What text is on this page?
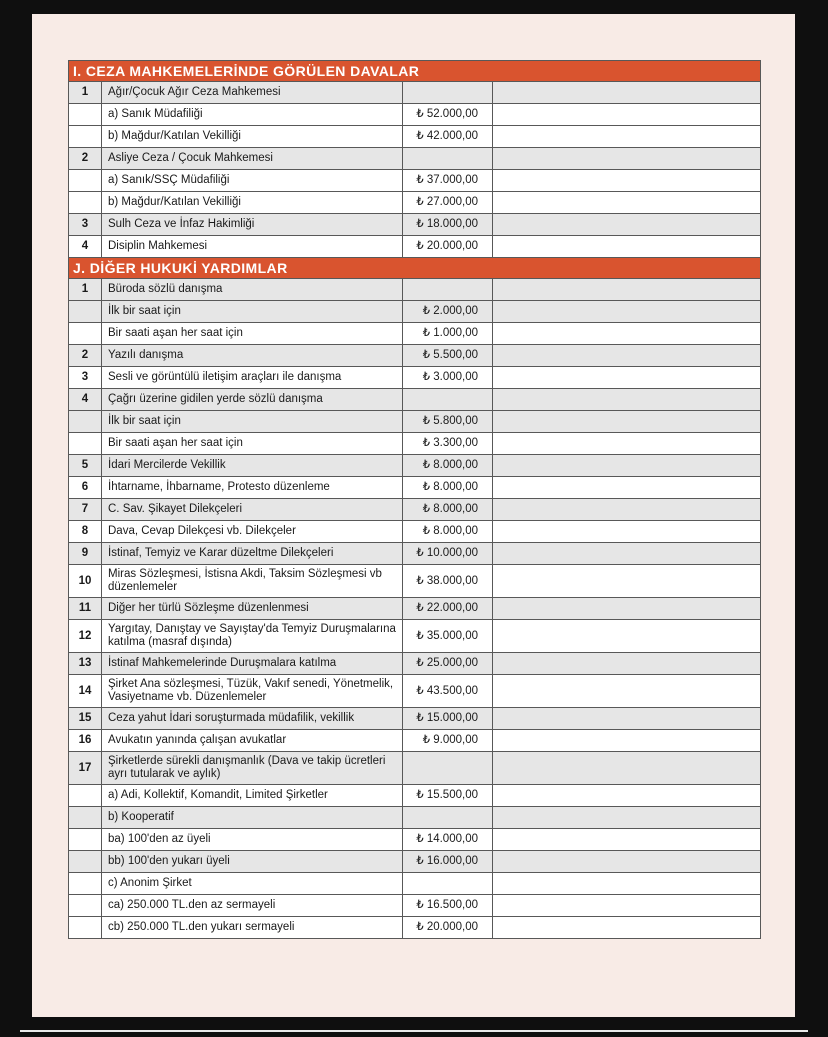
I. CEZA MAHKEMELERİNDE GÖRÜLEN DAVALAR			
1	Ağır/Çocuk Ağır Ceza Mahkemesi		
	a) Sanık Müdafiliği	₺ 52.000,00	
	b) Mağdur/Katılan Vekilliği	₺ 42.000,00	
2	Asliye Ceza / Çocuk Mahkemesi		
	a) Sanık/SSÇ Müdafiliği	₺ 37.000,00	
	b) Mağdur/Katılan Vekilliği	₺ 27.000,00	
3	Sulh Ceza ve İnfaz Hakimliği	₺ 18.000,00	
4	Disiplin Mahkemesi	₺ 20.000,00	
J. DİĞER HUKUKİ YARDIMLAR			
1	Büroda sözlü danışma		
	İlk bir saat için	₺ 2.000,00	
	Bir saati aşan her saat için	₺ 1.000,00	
2	Yazılı danışma	₺ 5.500,00	
3	Sesli ve görüntülü iletişim araçları ile danışma	₺ 3.000,00	
4	Çağrı üzerine gidilen yerde sözlü danışma		
	İlk bir saat için	₺ 5.800,00	
	Bir saati aşan her saat için	₺ 3.300,00	
5	İdari Mercilerde Vekillik	₺ 8.000,00	
6	İhtarname, İhbarname, Protesto düzenleme	₺ 8.000,00	
7	C. Sav. Şikayet Dilekçeleri	₺ 8.000,00	
8	Dava, Cevap Dilekçesi vb. Dilekçeler	₺ 8.000,00	
9	İstinaf, Temyiz ve Karar düzeltme Dilekçeleri	₺ 10.000,00	
10	Miras Sözleşmesi, İstisna Akdi, Taksim Sözleşmesi vb düzenlemeler	₺ 38.000,00	
11	Diğer her türlü Sözleşme düzenlenmesi	₺ 22.000,00	
12	Yargıtay, Danıştay ve Sayıştay'da Temyiz Duruşmalarına katılma (masraf dışında)	₺ 35.000,00	
13	İstinaf Mahkemelerinde Duruşmalara katılma	₺ 25.000,00	
14	Şirket Ana sözleşmesi, Tüzük, Vakıf senedi, Yönetmelik, Vasiyetname vb. Düzenlemeler	₺ 43.500,00	
15	Ceza yahut İdari soruşturmada müdafilik, vekillik	₺ 15.000,00	
16	Avukatın yanında çalışan avukatlar	₺ 9.000,00	
17	Şirketlerde sürekli danışmanlık (Dava ve takip ücretleri ayrı tutularak ve aylık)		
	a) Adi, Kollektif, Komandit, Limited Şirketler	₺ 15.500,00	
	b) Kooperatif		
	ba) 100'den az üyeli	₺ 14.000,00	
	bb) 100'den yukarı üyeli	₺ 16.000,00	
	c) Anonim Şirket		
	ca) 250.000 TL.den az sermayeli	₺ 16.500,00	
	cb) 250.000 TL.den yukarı sermayeli	₺ 20.000,00	
